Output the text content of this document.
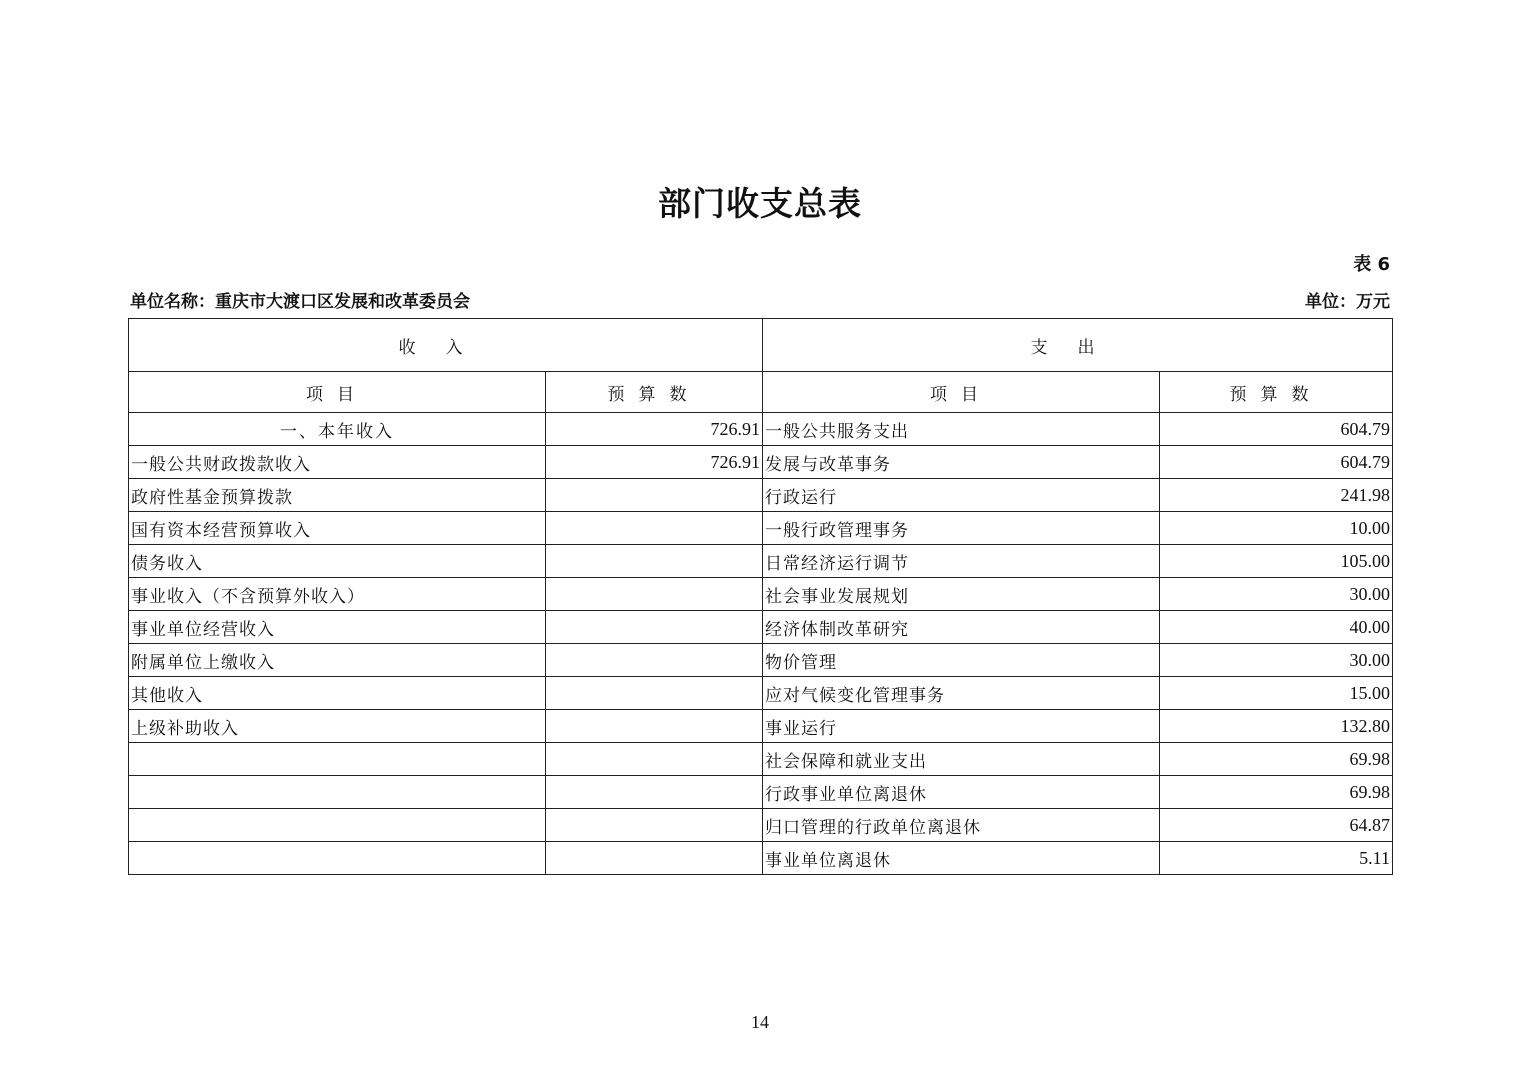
部门收支总表
表 6
单位名称：重庆市大渡口区发展和改革委员会	单位：万元
收入		支出	
项目	预算数	项目	预算数
一、本年收入	726.91	一般公共服务支出	604.79
一般公共财政拨款收入	726.91	发展与改革事务	604.79
政府性基金预算拨款		行政运行	241.98
国有资本经营预算收入		一般行政管理事务	10.00
债务收入		日常经济运行调节	105.00
事业收入（不含预算外收入）		社会事业发展规划	30.00
事业单位经营收入		经济体制改革研究	40.00
附属单位上缴收入		物价管理	30.00
其他收入		应对气候变化管理事务	15.00
上级补助收入		事业运行	132.80
		社会保障和就业支出	69.98
		行政事业单位离退休	69.98
		归口管理的行政单位离退休	64.87
		事业单位离退休	5.11
14
